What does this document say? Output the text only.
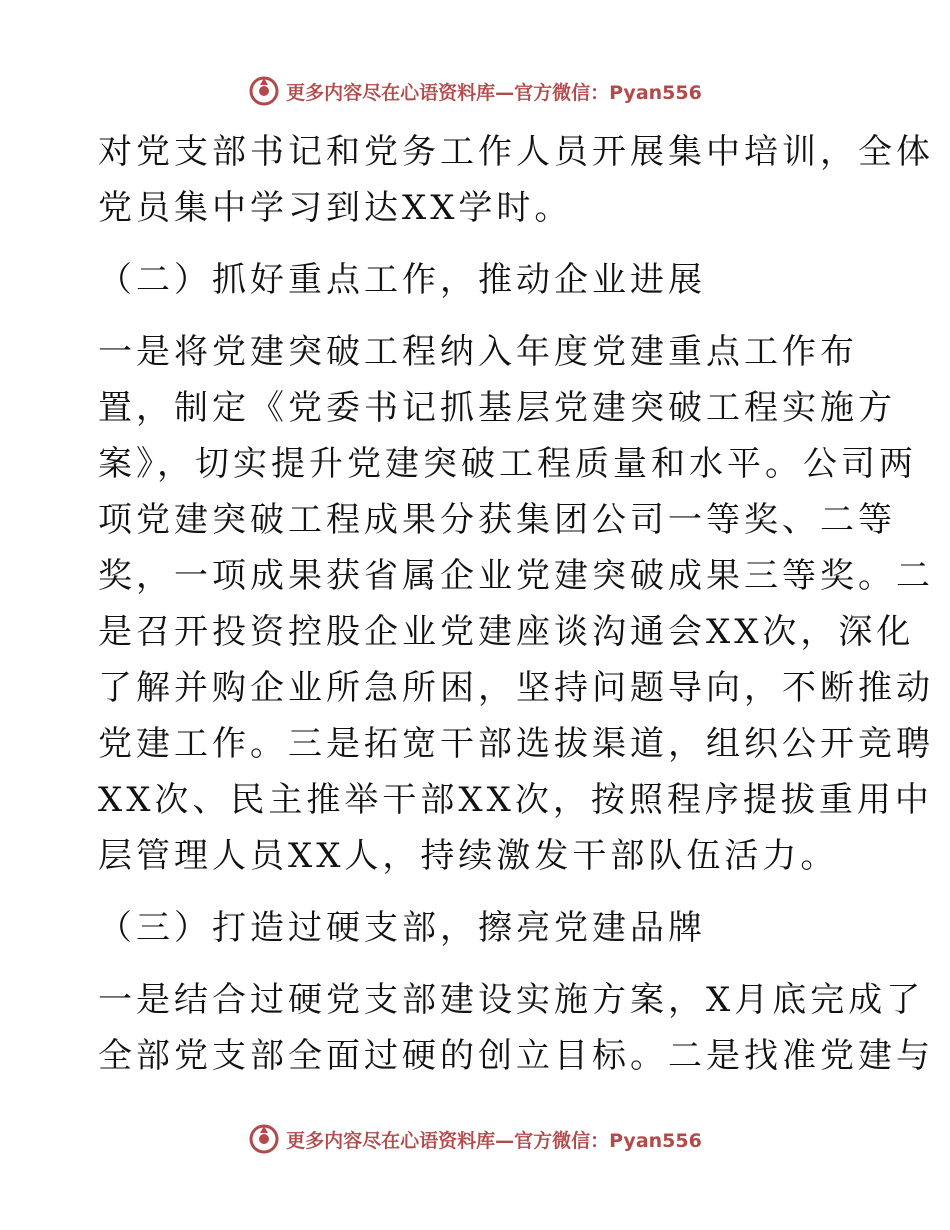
更多内容尽在心语资料库—官方微信：Pyan556
对党支部书记和党务工作人员开展集中培训，全体
党员集中学习到达XX学时。
（二）抓好重点工作，推动企业进展
一是将党建突破工程纳入年度党建重点工作布
置，制定《党委书记抓基层党建突破工程实施方
案》，切实提升党建突破工程质量和水平。公司两
项党建突破工程成果分获集团公司一等奖、二等
奖，一项成果获省属企业党建突破成果三等奖。二
是召开投资控股企业党建座谈沟通会XX次，深化
了解并购企业所急所困，坚持问题导向，不断推动
党建工作。三是拓宽干部选拔渠道，组织公开竞聘
XX次、民主推举干部XX次，按照程序提拔重用中
层管理人员XX人，持续激发干部队伍活力。
（三）打造过硬支部，擦亮党建品牌
一是结合过硬党支部建设实施方案，X月底完成了
全部党支部全面过硬的创立目标。二是找准党建与
更多内容尽在心语资料库—官方微信：Pyan556
